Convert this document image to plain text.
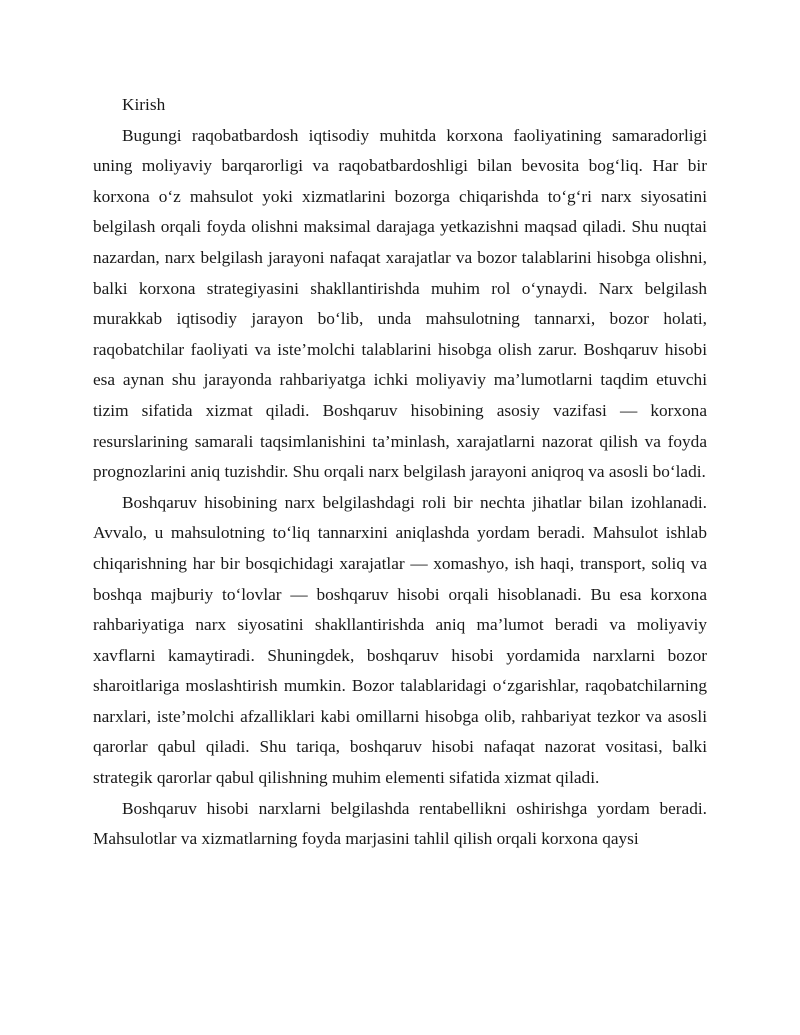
Kirish

Bugungi raqobatbardosh iqtisodiy muhitda korxona faoliyatining samaradorligi uning moliyaviy barqarorligi va raqobatbardoshligi bilan bevosita bog‘liq. Har bir korxona o‘z mahsulot yoki xizmatlarini bozorga chiqarishda to‘g‘ri narx siyosatini belgilash orqali foyda olishni maksimal darajaga yetkazishni maqsad qiladi. Shu nuqtai nazardan, narx belgilash jarayoni nafaqat xarajatlar va bozor talablarini hisobga olishni, balki korxona strategiyasini shakllantirishda muhim rol o‘ynaydi. Narx belgilash murakkab iqtisodiy jarayon bo‘lib, unda mahsulotning tannarxi, bozor holati, raqobatchilar faoliyati va iste’molchi talablarini hisobga olish zarur. Boshqaruv hisobi esa aynan shu jarayonda rahbariyatga ichki moliyaviy ma’lumotlarni taqdim etuvchi tizim sifatida xizmat qiladi. Boshqaruv hisobining asosiy vazifasi — korxona resurslarining samarali taqsimlanishini ta’minlash, xarajatlarni nazorat qilish va foyda prognozlarini aniq tuzishdir. Shu orqali narx belgilash jarayoni aniqroq va asosli bo‘ladi.

Boshqaruv hisobining narx belgilashdagi roli bir nechta jihatlar bilan izohlanadi. Avvalo, u mahsulotning to‘liq tannarxini aniqlashda yordam beradi. Mahsulot ishlab chiqarishning har bir bosqichidagi xarajatlar — xomashyo, ish haqi, transport, soliq va boshqa majburiy to‘lovlar — boshqaruv hisobi orqali hisoblanadi. Bu esa korxona rahbariyatiga narx siyosatini shakllantirishda aniq ma’lumot beradi va moliyaviy xavflarni kamaytiradi. Shuningdek, boshqaruv hisobi yordamida narxlarni bozor sharoitlariga moslashtirish mumkin. Bozor talablaridagi o‘zgarishlar, raqobatchilarning narxlari, iste’molchi afzalliklari kabi omillarni hisobga olib, rahbariyat tezkor va asosli qarorlar qabul qiladi. Shu tariqa, boshqaruv hisobi nafaqat nazorat vositasi, balki strategik qarorlar qabul qilishning muhim elementi sifatida xizmat qiladi.

Boshqaruv hisobi narxlarni belgilashda rentabellikni oshirishga yordam beradi. Mahsulotlar va xizmatlarning foyda marjasini tahlil qilish orqali korxona qaysi
